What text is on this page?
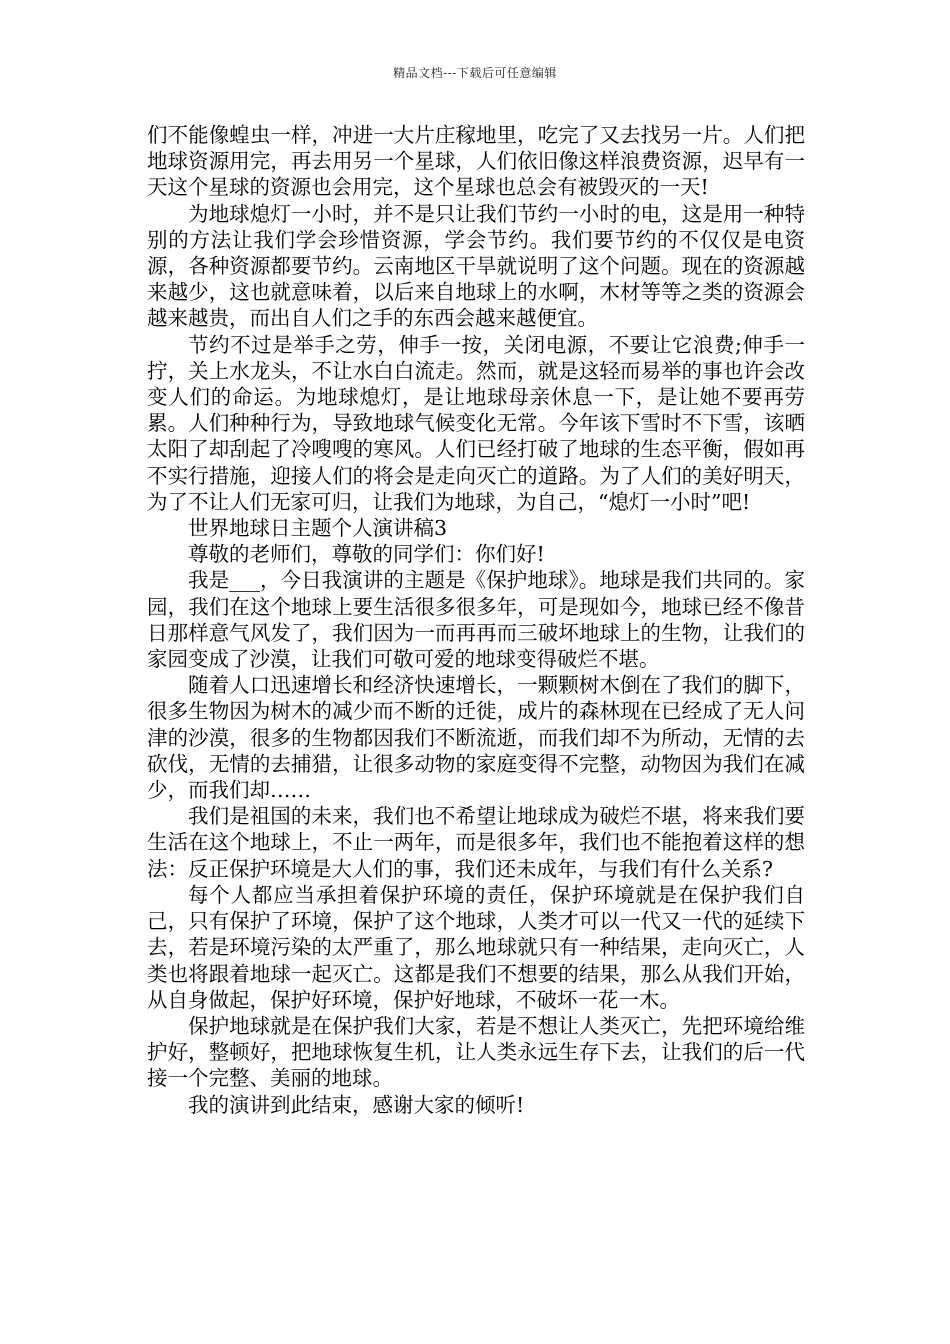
精品文档---下载后可任意编辑

们不能像蝗虫一样，冲进一大片庄稼地里，吃完了又去找另一片。人们把地球资源用完，再去用另一个星球，人们依旧像这样浪费资源，迟早有一天这个星球的资源也会用完，这个星球也总会有被毁灭的一天!

为地球熄灯一小时，并不是只让我们节约一小时的电，这是用一种特别的方法让我们学会珍惜资源，学会节约。我们要节约的不仅仅是电资源，各种资源都要节约。云南地区干旱就说明了这个问题。现在的资源越来越少，这也就意味着，以后来自地球上的水啊，木材等等之类的资源会越来越贵，而出自人们之手的东西会越来越便宜。

节约不过是举手之劳，伸手一按，关闭电源，不要让它浪费;伸手一拧，关上水龙头，不让水白白流走。然而，就是这轻而易举的事也许会改变人们的命运。为地球熄灯，是让地球母亲休息一下，是让她不要再劳累。人们种种行为，导致地球气候变化无常。今年该下雪时不下雪，该晒太阳了却刮起了冷嗖嗖的寒风。人们已经打破了地球的生态平衡，假如再不实行措施，迎接人们的将会是走向灭亡的道路。为了人们的美好明天，为了不让人们无家可归，让我们为地球，为自己，“熄灯一小时”吧!

世界地球日主题个人演讲稿3

尊敬的老师们，尊敬的同学们：你们好!

我是___，今日我演讲的主题是《保护地球》。地球是我们共同的。家园，我们在这个地球上要生活很多很多年，可是现如今，地球已经不像昔日那样意气风发了，我们因为一而再再而三破坏地球上的生物，让我们的家园变成了沙漠，让我们可敬可爱的地球变得破烂不堪。

随着人口迅速增长和经济快速增长，一颗颗树木倒在了我们的脚下，很多生物因为树木的减少而不断的迁徙，成片的森林现在已经成了无人问津的沙漠，很多的生物都因我们不断流逝，而我们却不为所动，无情的去砍伐，无情的去捕猎，让很多动物的家庭变得不完整，动物因为我们在减少，而我们却……

我们是祖国的未来，我们也不希望让地球成为破烂不堪，将来我们要生活在这个地球上，不止一两年，而是很多年，我们也不能抱着这样的想法：反正保护环境是大人们的事，我们还未成年，与我们有什么关系?

每个人都应当承担着保护环境的责任，保护环境就是在保护我们自己，只有保护了环境，保护了这个地球，人类才可以一代又一代的延续下去，若是环境污染的太严重了，那么地球就只有一种结果，走向灭亡，人类也将跟着地球一起灭亡。这都是我们不想要的结果，那么从我们开始，从自身做起，保护好环境，保护好地球，不破坏一花一木。

保护地球就是在保护我们大家，若是不想让人类灭亡，先把环境给维护好，整顿好，把地球恢复生机，让人类永远生存下去，让我们的后一代接一个完整、美丽的地球。

我的演讲到此结束，感谢大家的倾听!
